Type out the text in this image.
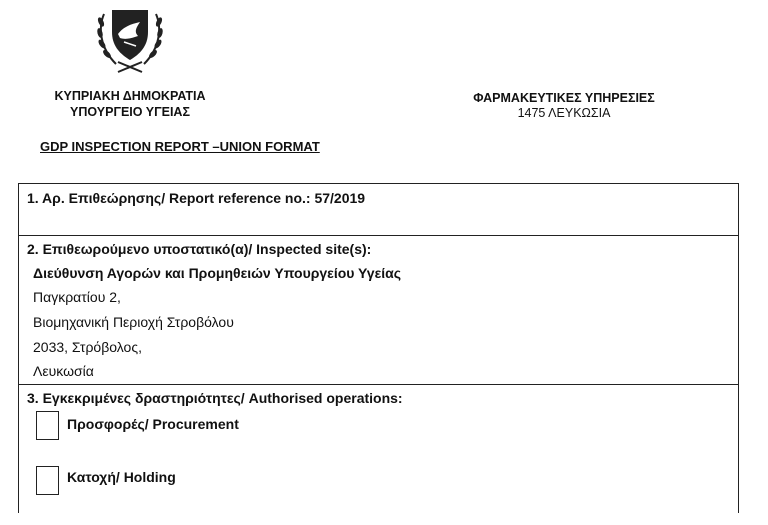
ΚΥΠΡΙΑΚΗ ΔΗΜΟΚΡΑΤΙΑ
ΥΠΟΥΡΓΕΙΟ ΥΓΕΙΑΣ
ΦΑΡΜΑΚΕΥΤΙΚΕΣ ΥΠΗΡΕΣΙΕΣ
1475 ΛΕΥΚΩΣΙΑ
GDP INSPECTION REPORT –UNION FORMAT
1. Αρ. Επιθεώρησης/ Report reference no.: 57/2019
2. Επιθεωρούμενο υποστατικό(α)/ Inspected site(s):
Διεύθυνση Αγορών και Προμηθειών Υπουργείου Υγείας
Παγκρατίου 2,
Βιομηχανική Περιοχή Στροβόλου
2033, Στρόβολος,
Λευκωσία
3. Εγκεκριμένες δραστηριότητες/ Authorised operations:
Προσφορές/ Procurement
Κατοχή/ Holding
